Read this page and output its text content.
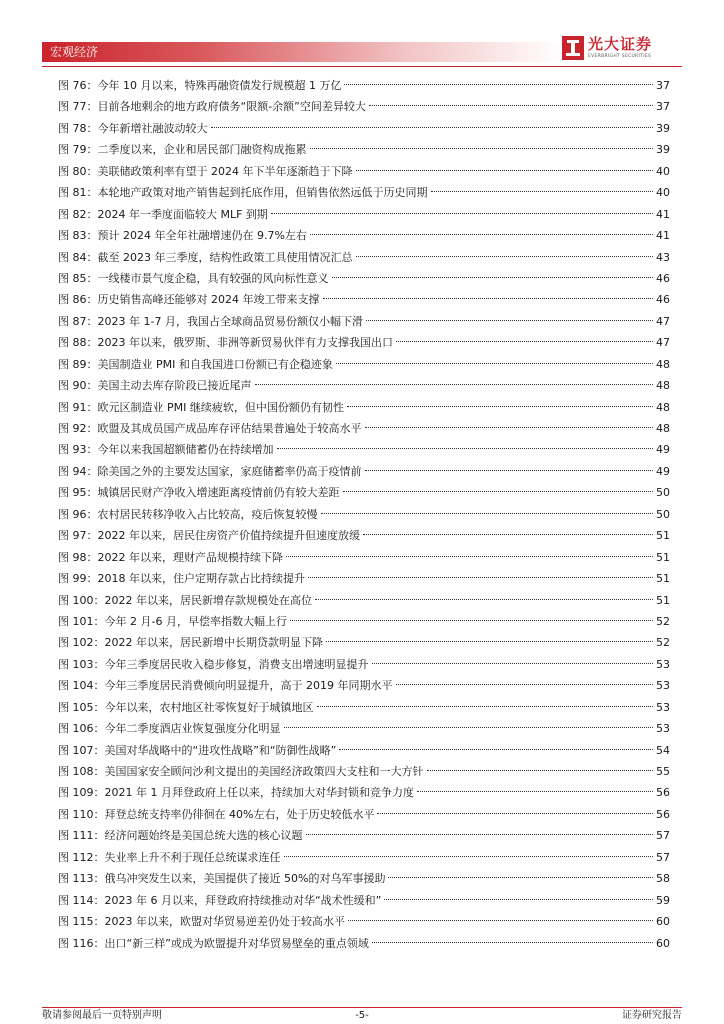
宏观经济	光大证券
EVERBRIGHT SECURITIES
图 76： 今年 10 月以来，特殊再融资债发行规模超 1 万亿	37
图 77： 目前各地剩余的地方政府债务“限额-余额”空间差异较大	37
图 78： 今年新增社融波动较大	39
图 79： 二季度以来，企业和居民部门融资构成拖累	39
图 80： 美联储政策利率有望于 2024 年下半年逐渐趋于下降	40
图 81： 本轮地产政策对地产销售起到托底作用，但销售依然远低于历史同期	40
图 82： 2024 年一季度面临较大 MLF 到期	41
图 83： 预计 2024 年全年社融增速仍在 9.7%左右	41
图 84： 截至 2023 年三季度，结构性政策工具使用情况汇总	43
图 85： 一线楼市景气度企稳，具有较强的风向标性意义	46
图 86： 历史销售高峰还能够对 2024 年竣工带来支撑	46
图 87： 2023 年 1-7 月，我国占全球商品贸易份额仅小幅下滑	47
图 88： 2023 年以来，俄罗斯、非洲等新贸易伙伴有力支撑我国出口	47
图 89： 美国制造业 PMI 和自我国进口份额已有企稳迹象	48
图 90： 美国主动去库存阶段已接近尾声	48
图 91： 欧元区制造业 PMI 继续疲软，但中国份额仍有韧性	48
图 92： 欧盟及其成员国产成品库存评估结果普遍处于较高水平	48
图 93： 今年以来我国超额储蓄仍在持续增加	49
图 94： 除美国之外的主要发达国家，家庭储蓄率仍高于疫情前	49
图 95： 城镇居民财产净收入增速距离疫情前仍有较大差距	50
图 96： 农村居民转移净收入占比较高，疫后恢复较慢	50
图 97： 2022 年以来，居民住房资产价值持续提升但速度放缓	51
图 98： 2022 年以来，理财产品规模持续下降	51
图 99： 2018 年以来，住户定期存款占比持续提升	51
图 100： 2022 年以来，居民新增存款规模处在高位	51
图 101： 今年 2 月-6 月，早偿率指数大幅上行	52
图 102： 2022 年以来，居民新增中长期贷款明显下降	52
图 103： 今年三季度居民收入稳步修复，消费支出增速明显提升	53
图 104： 今年三季度居民消费倾向明显提升，高于 2019 年同期水平	53
图 105： 今年以来，农村地区社零恢复好于城镇地区	53
图 106： 今年二季度酒店业恢复强度分化明显	53
图 107： 美国对华战略中的“进攻性战略”和“防御性战略”	54
图 108： 美国国家安全顾问沙利文提出的美国经济政策四大支柱和一大方针	55
图 109： 2021 年 1 月拜登政府上任以来，持续加大对华封锁和竞争力度	56
图 110： 拜登总统支持率仍徘徊在 40%左右，处于历史较低水平	56
图 111： 经济问题始终是美国总统大选的核心议题	57
图 112： 失业率上升不利于现任总统谋求连任	57
图 113： 俄乌冲突发生以来，美国提供了接近 50%的对乌军事援助	58
图 114： 2023 年 6 月以来，拜登政府持续推动对华“战术性缓和”	59
图 115： 2023 年以来，欧盟对华贸易逆差仍处于较高水平	60
图 116： 出口“新三样”或成为欧盟提升对华贸易壁垒的重点领域	60
敬请参阅最后一页特别声明	-5-	证券研究报告
